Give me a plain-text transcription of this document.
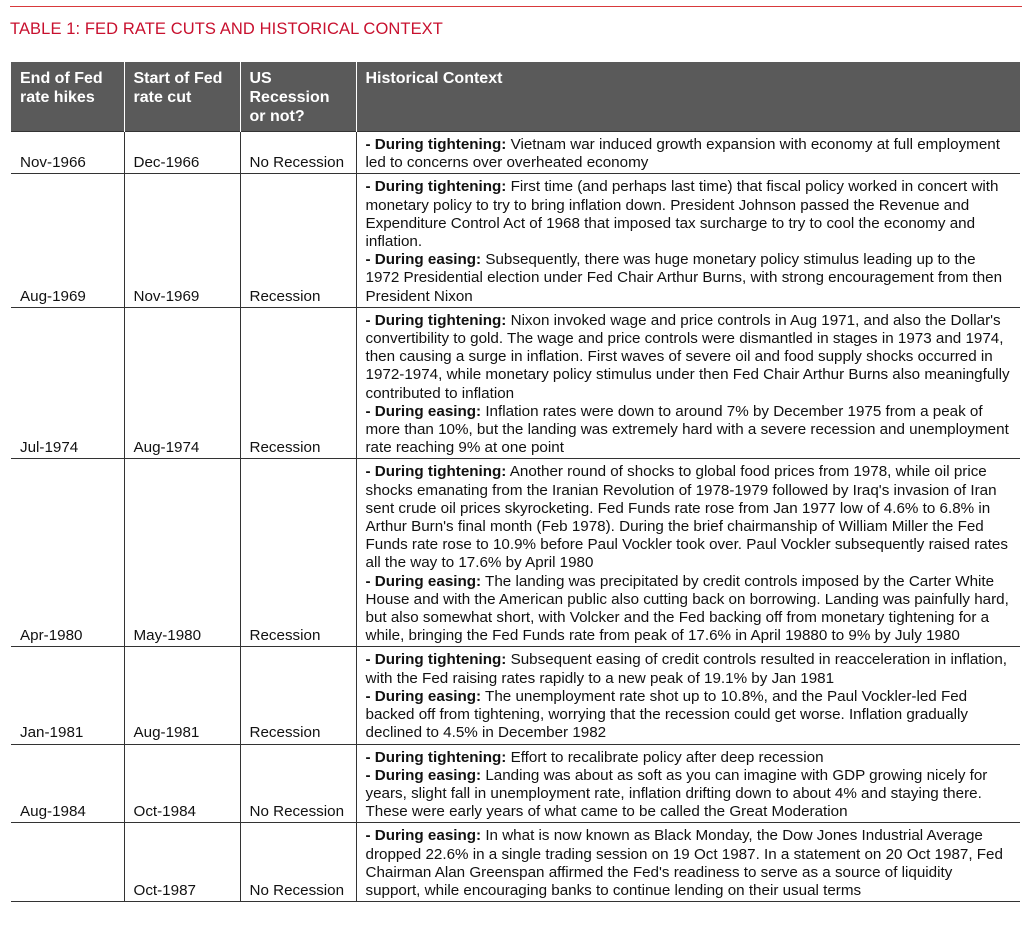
TABLE 1: FED RATE CUTS AND HISTORICAL CONTEXT
End of Fed rate hikes	Start of Fed rate cut	US Recession or not?	Historical Context
Nov-1966	Dec-1966	No Recession	- During tightening: Vietnam war induced growth expansion with economy at full employment led to concerns over overheated economy

Aug-1969	Nov-1969	Recession	- During tightening: First time (and perhaps last time) that fiscal policy worked in concert with monetary policy to try to bring inflation down. President Johnson passed the Revenue and Expenditure Control Act of 1968 that imposed tax surcharge to try to cool the economy and inflation.
- During easing: Subsequently, there was huge monetary policy stimulus leading up to the 1972 Presidential election under Fed Chair Arthur Burns, with strong encouragement from then President Nixon

Jul-1974	Aug-1974	Recession	- During tightening: Nixon invoked wage and price controls in Aug 1971, and also the Dollar's convertibility to gold. The wage and price controls were dismantled in stages in 1973 and 1974, then causing a surge in inflation. First waves of severe oil and food supply shocks occurred in 1972-1974, while monetary policy stimulus under then Fed Chair Arthur Burns also meaningfully contributed to inflation
- During easing: Inflation rates were down to around 7% by December 1975 from a peak of more than 10%, but the landing was extremely hard with a severe recession and unemployment rate reaching 9% at one point

Apr-1980	May-1980	Recession	- During tightening: Another round of shocks to global food prices from 1978, while oil price shocks emanating from the Iranian Revolution of 1978-1979 followed by Iraq's invasion of Iran sent crude oil prices skyrocketing. Fed Funds rate rose from Jan 1977 low of 4.6% to 6.8% in Arthur Burn's final month (Feb 1978). During the brief chairmanship of William Miller the Fed Funds rate rose to 10.9% before Paul Vockler took over. Paul Vockler subsequently raised rates all the way to 17.6% by April 1980
- During easing: The landing was precipitated by credit controls imposed by the Carter White House and with the American public also cutting back on borrowing. Landing was painfully hard, but also somewhat short, with Volcker and the Fed backing off from monetary tightening for a while, bringing the Fed Funds rate from peak of 17.6% in April 19880 to 9% by July 1980

Jan-1981	Aug-1981	Recession	- During tightening: Subsequent easing of credit controls resulted in reacceleration in inflation, with the Fed raising rates rapidly to a new peak of 19.1% by Jan 1981
- During easing: The unemployment rate shot up to 10.8%, and the Paul Vockler-led Fed backed off from tightening, worrying that the recession could get worse. Inflation gradually declined to 4.5% in December 1982

Aug-1984	Oct-1984	No Recession	- During tightening: Effort to recalibrate policy after deep recession
- During easing: Landing was about as soft as you can imagine with GDP growing nicely for years, slight fall in unemployment rate, inflation drifting down to about 4% and staying there. These were early years of what came to be called the Great Moderation

	Oct-1987	No Recession	- During easing: In what is now known as Black Monday, the Dow Jones Industrial Average dropped 22.6% in a single trading session on 19 Oct 1987. In a statement on 20 Oct 1987, Fed Chairman Alan Greenspan affirmed the Fed's readiness to serve as a source of liquidity support, while encouraging banks to continue lending on their usual terms
